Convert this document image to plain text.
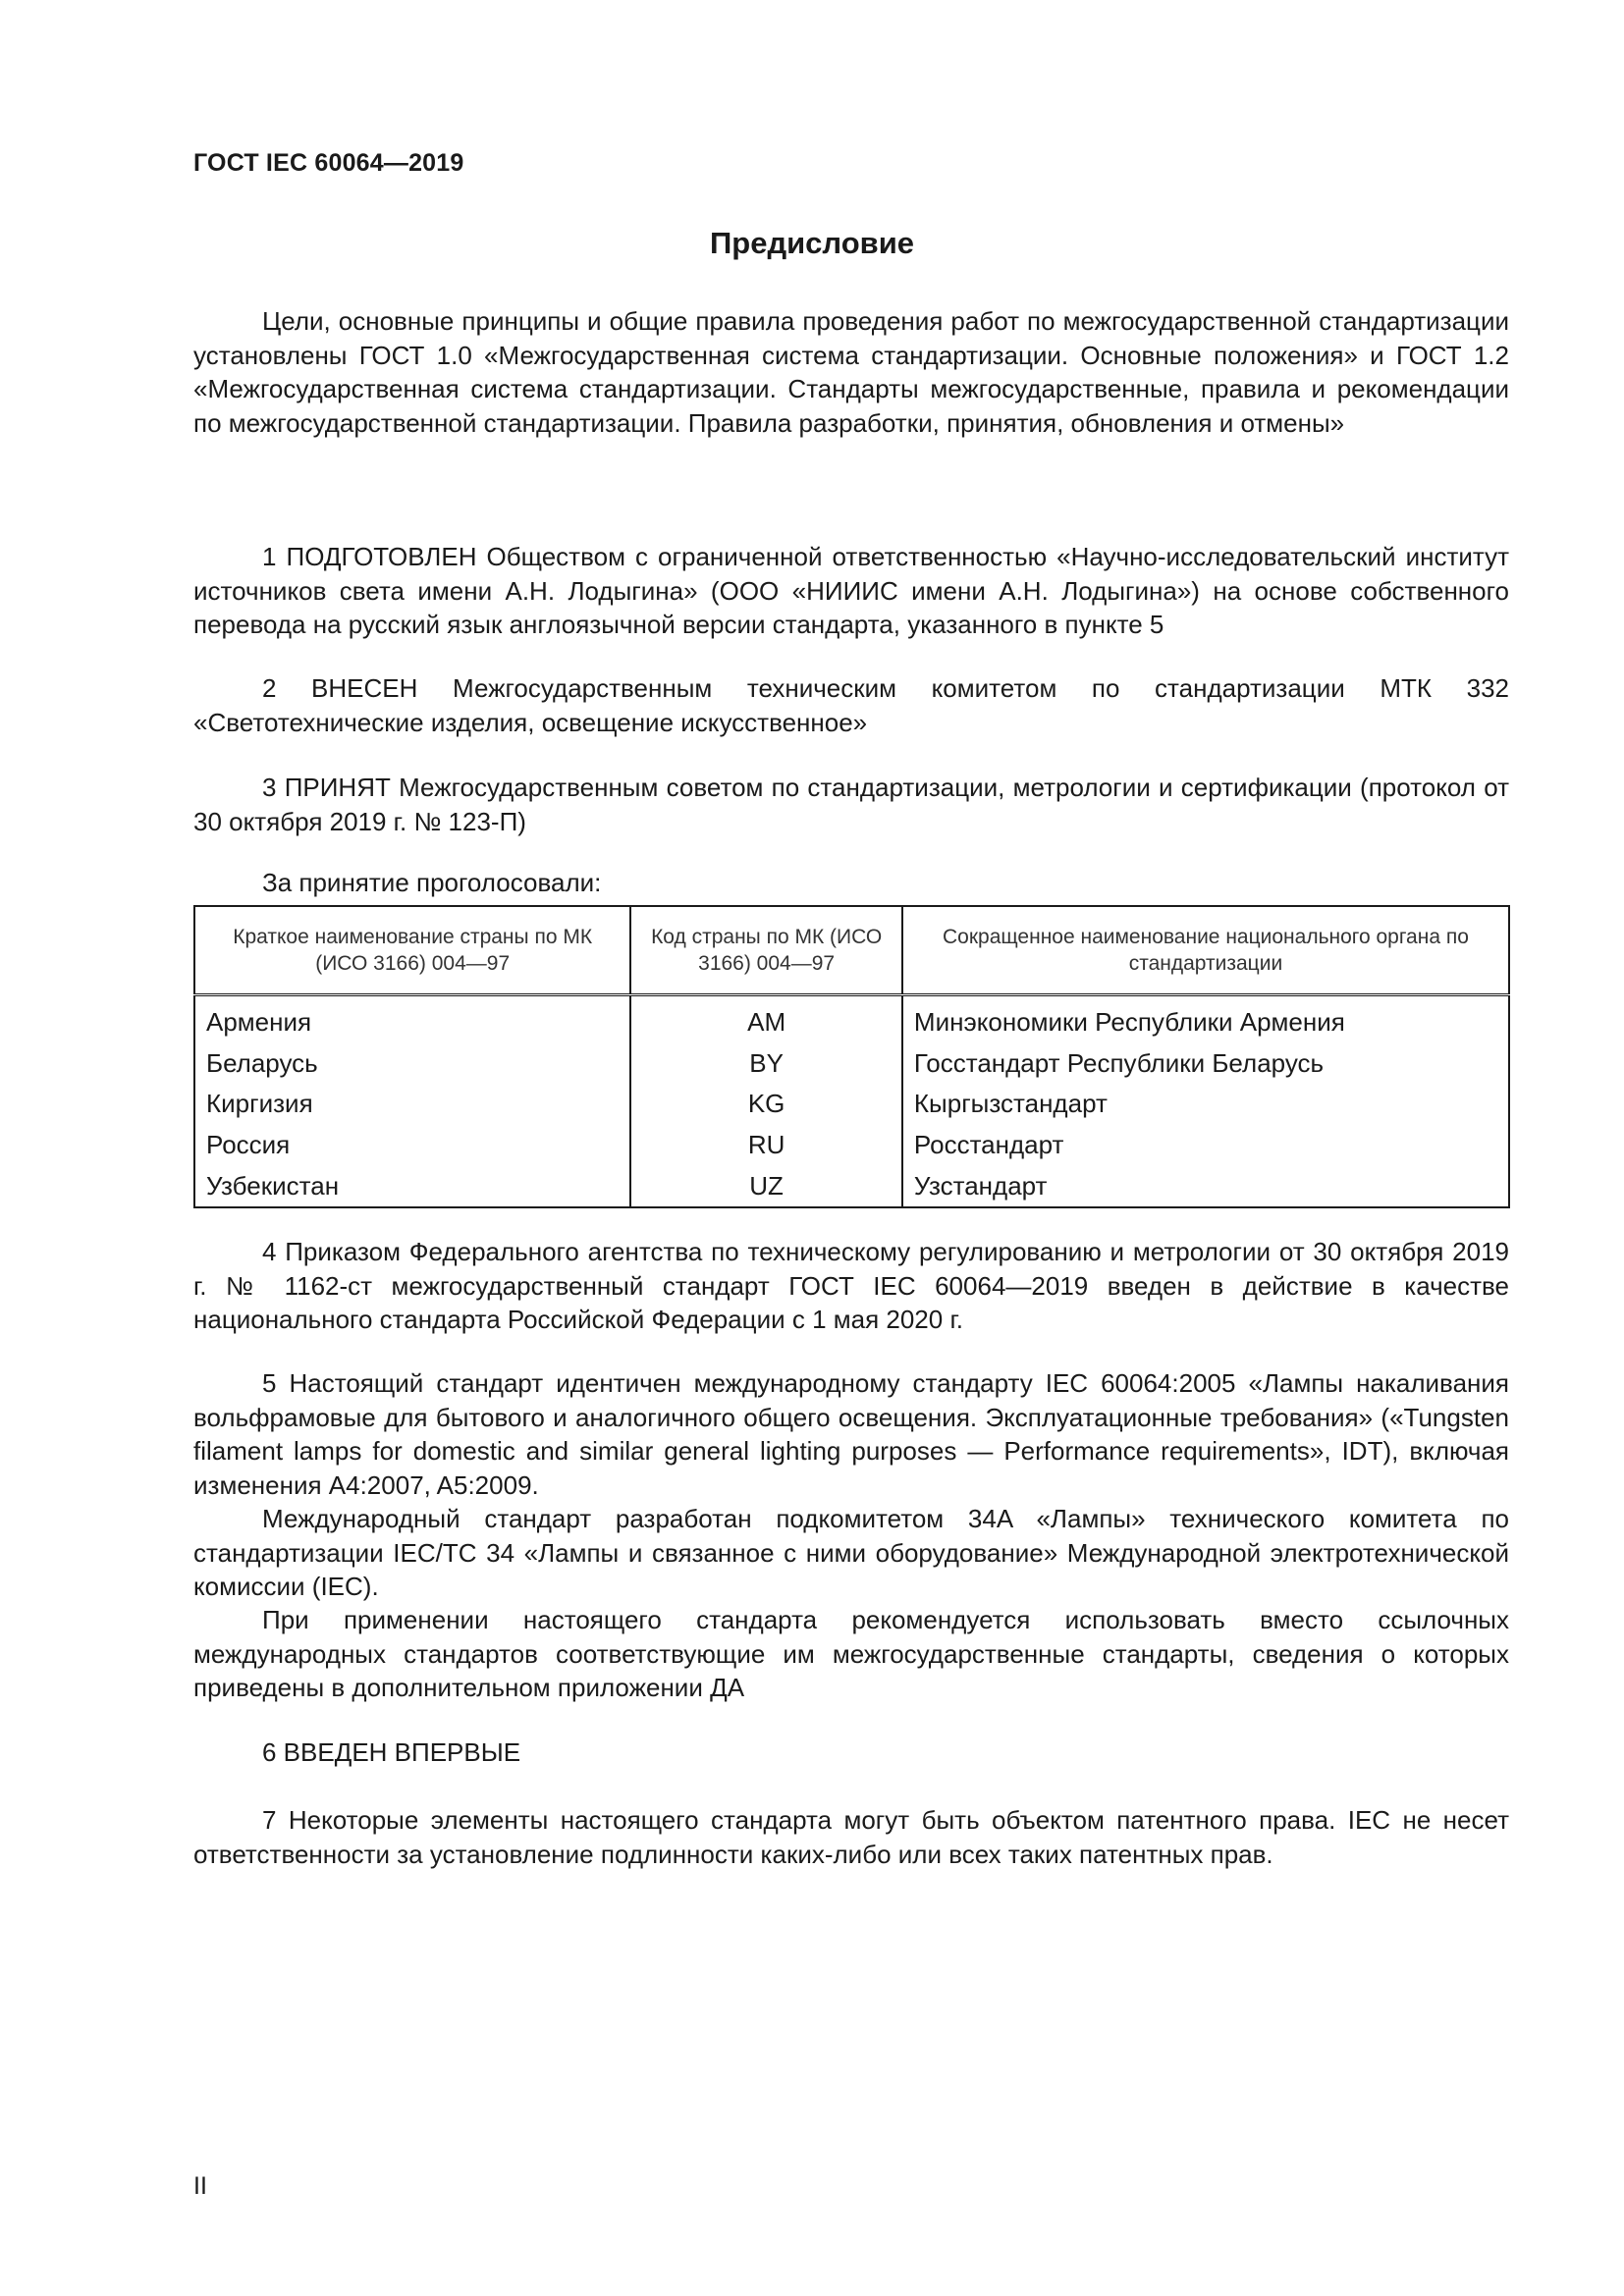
ГОСТ IEC 60064—2019
Предисловие

Цели, основные принципы и общие правила проведения работ по межгосударственной стандартизации установлены ГОСТ 1.0 «Межгосударственная система стандартизации. Основные положения» и ГОСТ 1.2 «Межгосударственная система стандартизации. Стандарты межгосударственные, правила и рекомендации по межгосударственной стандартизации. Правила разработки, принятия, обновления и отмены»

1 ПОДГОТОВЛЕН Обществом с ограниченной ответственностью «Научно-исследовательский институт источников света имени А.Н. Лодыгина» (ООО «НИИИС имени А.Н. Лодыгина») на основе собственного перевода на русский язык англоязычной версии стандарта, указанного в пункте 5

2 ВНЕСЕН Межгосударственным техническим комитетом по стандартизации МТК 332 «Светотехнические изделия, освещение искусственное»

3 ПРИНЯТ Межгосударственным советом по стандартизации, метрологии и сертификации (протокол от 30 октября 2019 г. № 123-П)

За принятие проголосовали:
Краткое наименование страны по МК (ИСО 3166) 004—97	Код страны по МК (ИСО 3166) 004—97	Сокращенное наименование национального органа по стандартизации
Армения	AM	Минэкономики Республики Армения
Беларусь	BY	Госстандарт Республики Беларусь
Киргизия	KG	Кыргызстандарт
Россия	RU	Росстандарт
Узбекистан	UZ	Узстандарт

4 Приказом Федерального агентства по техническому регулированию и метрологии от 30 октября 2019 г. № 1162-ст межгосударственный стандарт ГОСТ IEC 60064—2019 введен в действие в качестве национального стандарта Российской Федерации с 1 мая 2020 г.

5 Настоящий стандарт идентичен международному стандарту IEC 60064:2005 «Лампы накаливания вольфрамовые для бытового и аналогичного общего освещения. Эксплуатационные требования» («Tungsten filament lamps for domestic and similar general lighting purposes — Performance requirements», IDT), включая изменения A4:2007, A5:2009.

Международный стандарт разработан подкомитетом 34A «Лампы» технического комитета по стандартизации IEC/TC 34 «Лампы и связанное с ними оборудование» Международной электротехнической комиссии (IEC).

При применении настоящего стандарта рекомендуется использовать вместо ссылочных международных стандартов соответствующие им межгосударственные стандарты, сведения о которых приведены в дополнительном приложении ДА

6 ВВЕДЕН ВПЕРВЫЕ

7 Некоторые элементы настоящего стандарта могут быть объектом патентного права. IEC не несет ответственности за установление подлинности каких-либо или всех таких патентных прав.

II
